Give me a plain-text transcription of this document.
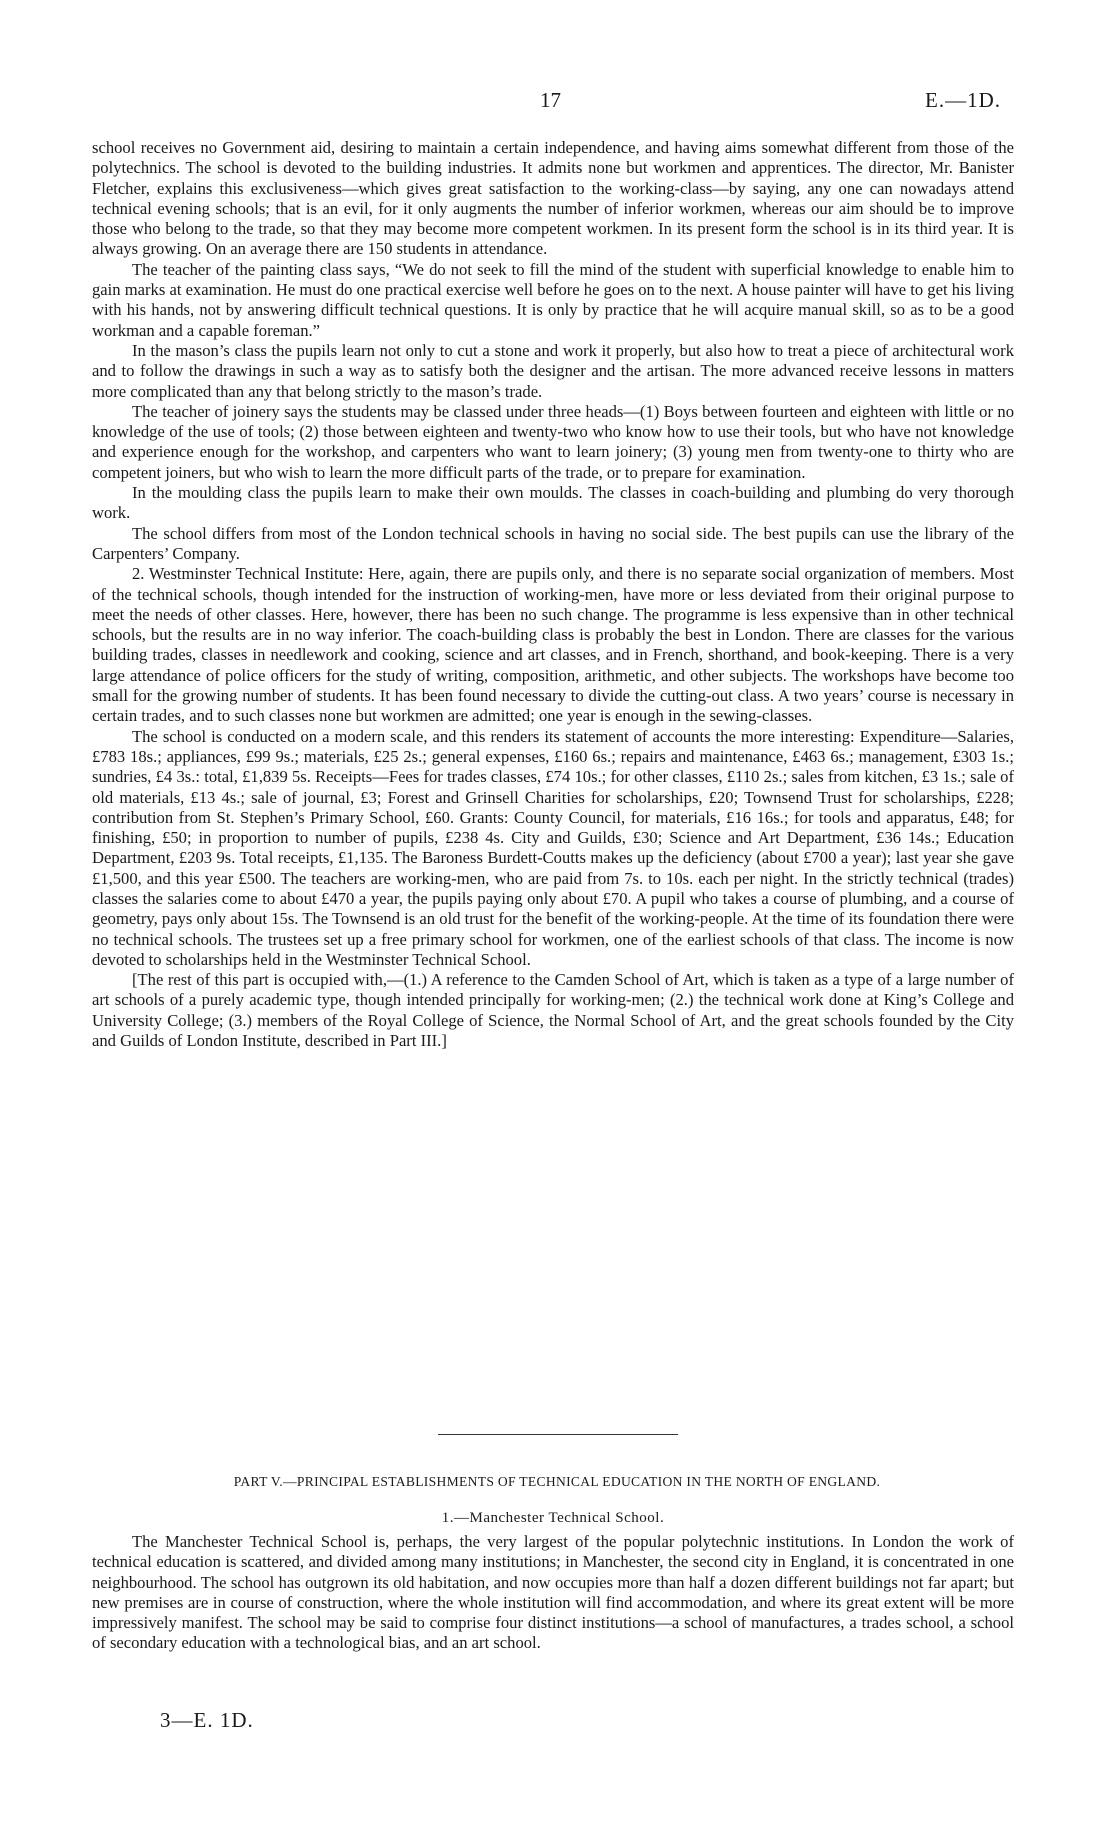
17	E.—1D.

school receives no Government aid, desiring to maintain a certain independence, and having aims somewhat different from those of the polytechnics. The school is devoted to the building industries. It admits none but workmen and apprentices. The director, Mr. Banister Fletcher, explains this exclusiveness—which gives great satisfaction to the working-class—by saying, any one can nowadays attend technical evening schools; that is an evil, for it only augments the number of inferior workmen, whereas our aim should be to improve those who belong to the trade, so that they may become more competent workmen. In its present form the school is in its third year. It is always growing. On an average there are 150 students in attendance.

The teacher of the painting class says, “We do not seek to fill the mind of the student with superficial knowledge to enable him to gain marks at examination. He must do one practical exercise well before he goes on to the next. A house painter will have to get his living with his hands, not by answering difficult technical questions. It is only by practice that he will acquire manual skill, so as to be a good workman and a capable foreman.”

In the mason’s class the pupils learn not only to cut a stone and work it properly, but also how to treat a piece of architectural work and to follow the drawings in such a way as to satisfy both the designer and the artisan. The more advanced receive lessons in matters more complicated than any that belong strictly to the mason’s trade.

The teacher of joinery says the students may be classed under three heads—(1) Boys between fourteen and eighteen with little or no knowledge of the use of tools; (2) those between eighteen and twenty-two who know how to use their tools, but who have not knowledge and experience enough for the workshop, and carpenters who want to learn joinery; (3) young men from twenty-one to thirty who are competent joiners, but who wish to learn the more difficult parts of the trade, or to prepare for examination.

In the moulding class the pupils learn to make their own moulds. The classes in coach-building and plumbing do very thorough work.

The school differs from most of the London technical schools in having no social side. The best pupils can use the library of the Carpenters’ Company.

2. Westminster Technical Institute: Here, again, there are pupils only, and there is no separate social organization of members. Most of the technical schools, though intended for the instruction of working-men, have more or less deviated from their original purpose to meet the needs of other classes. Here, however, there has been no such change. The programme is less expensive than in other technical schools, but the results are in no way inferior. The coach-building class is probably the best in London. There are classes for the various building trades, classes in needlework and cooking, science and art classes, and in French, shorthand, and book-keeping. There is a very large attendance of police officers for the study of writing, composition, arithmetic, and other subjects. The workshops have become too small for the growing number of students. It has been found necessary to divide the cutting-out class. A two years’ course is necessary in certain trades, and to such classes none but workmen are admitted; one year is enough in the sewing-classes.

The school is conducted on a modern scale, and this renders its statement of accounts the more interesting: Expenditure—Salaries, £783 18s.; appliances, £99 9s.; materials, £25 2s.; general expenses, £160 6s.; repairs and maintenance, £463 6s.; management, £303 1s.; sundries, £4 3s.: total, £1,839 5s. Receipts—Fees for trades classes, £74 10s.; for other classes, £110 2s.; sales from kitchen, £3 1s.; sale of old materials, £13 4s.; sale of journal, £3; Forest and Grinsell Charities for scholarships, £20; Townsend Trust for scholarships, £228; contribution from St. Stephen’s Primary School, £60. Grants: County Council, for materials, £16 16s.; for tools and apparatus, £48; for finishing, £50; in proportion to number of pupils, £238 4s. City and Guilds, £30; Science and Art Department, £36 14s.; Education Department, £203 9s. Total receipts, £1,135. The Baroness Burdett-Coutts makes up the deficiency (about £700 a year); last year she gave £1,500, and this year £500. The teachers are working-men, who are paid from 7s. to 10s. each per night. In the strictly technical (trades) classes the salaries come to about £470 a year, the pupils paying only about £70. A pupil who takes a course of plumbing, and a course of geometry, pays only about 15s. The Townsend is an old trust for the benefit of the working-people. At the time of its foundation there were no technical schools. The trustees set up a free primary school for workmen, one of the earliest schools of that class. The income is now devoted to scholarships held in the Westminster Technical School.

[The rest of this part is occupied with,—(1.) A reference to the Camden School of Art, which is taken as a type of a large number of art schools of a purely academic type, though intended principally for working-men; (2.) the technical work done at King’s College and University College; (3.) members of the Royal College of Science, the Normal School of Art, and the great schools founded by the City and Guilds of London Institute, described in Part III.]

PART V.—PRINCIPAL ESTABLISHMENTS OF TECHNICAL EDUCATION IN THE NORTH OF ENGLAND.
1.—Manchester Technical School.

The Manchester Technical School is, perhaps, the very largest of the popular polytechnic institutions. In London the work of technical education is scattered, and divided among many institutions; in Manchester, the second city in England, it is concentrated in one neighbourhood. The school has outgrown its old habitation, and now occupies more than half a dozen different buildings not far apart; but new premises are in course of construction, where the whole institution will find accommodation, and where its great extent will be more impressively manifest. The school may be said to comprise four distinct institutions—a school of manufactures, a trades school, a school of secondary education with a technological bias, and an art school.

3—E. 1D.
